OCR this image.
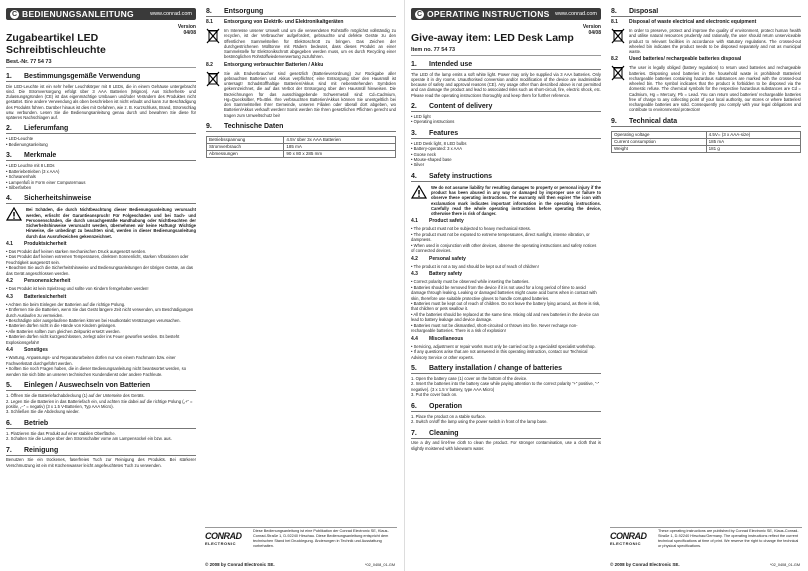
C BEDIENUNGSANLEITUNG	www.conrad.com
Zugabeartikel LED Schreibtischleuchte
Version
04/08
Best.-Nr. 77 54 73
1.	Bestimmungsgemäße Verwendung
Die LED-Leuchte ist ein sehr heller Leuchtkörper mit 8 LEDs, die in einem Gehäuse untergebracht sind. Die Stromversorgung erfolgt über 3 AAA Batterien (Mignon). Aus Sicherheits- und Zulassungsgründen (CE) ist das eigenmächtige Umbauen und/oder Verändern des Produktes nicht gestattet. Eine andere Verwendung als oben beschrieben ist nicht erlaubt und kann zur Beschädigung des Produkts führen. Darüber hinaus ist dies mit Gefahren, wie z. B. Kurzschluss, Brand, Stromschlag usw. verbunden. Lesen Sie die Bedienungsanleitung genau durch und bewahren Sie diese für späteres Nachschlagen auf.
2.	Lieferumfang
• LED-Leuchte
• Bedienungsanleitung
3.	Merkmale
• LED Leuchte mit 8 LEDs
• Batteriebetrieben (3 x AAA)
• Schwanenhals
• Lampenfuß in Form einer Computermaus
• Silberfarben
4.	Sicherheitshinweise
Bei Schäden, die durch Nichtbeachtung dieser Bedienungsanleitung verursacht werden, erlischt der Garantieanspruch! Für Folgeschäden und bei Sach- und Personenschäden, die durch unsachgemäße Handhabung oder Nichtbeachten der Sicherheitshinweise verursacht werden, übernehmen wir keine Haftung! Wichtige Hinweise, die unbedingt zu beachten sind, werden in dieser Bedienungsanleitung durch das Ausrufezeichen gekennzeichnet.
4.1	Produktsicherheit
• Das Produkt darf keinen starken mechanischen Druck ausgesetzt werden.
• Das Produkt darf keinen extremen Temperaturen, direktem Sonnenlicht, starken Vibrationen oder Feuchtigkeit ausgesetzt sein.
• Beachten Sie auch die Sicherheitshinweise und Bedienungsanleitungen der übrigen Geräte, an das das Gerät angeschlossen werden.
4.2	Personensicherheit
• Das Produkt ist kein Spielzeug und sollte von Kindern ferngehalten werden!
4.3	Batteriesicherheit
• Achten Sie beim Einlegen der Batterien auf die richtige Polung.
• Entfernen Sie die Batterien, wenn Sie das Gerät längere Zeit nicht verwenden, um Beschädigungen durch Auslaufen zu vermeiden.
• Beschädigte oder ausgelaufene Batterien können bei Hautkontakt Verätzungen verursachen.
• Batterien dürfen nicht in die Hände von Kindern gelangen.
• Alle Batterien sollten zum gleichen Zeitpunkt ersetzt werden.
• Batterien dürfen nicht kurzgeschlossen, zerlegt oder ins Feuer geworfen werden. Es besteht Explosionsgefahr!
4.4	Sonstiges
• Wartung, Anpassungs- und Reparaturarbeiten dürfen nur von einem Fachmann bzw. einer Fachwerkstatt durchgeführt werden.
• Sollten Sie noch Fragen haben, die in dieser Bedienungsanleitung nicht beantwortet werden, so wenden Sie sich bitte an unseren technischen Kundendienst oder andere Fachleute.
5.	Einlegen / Auswechseln von Batterien
1. Öffnen Sie die Batteriefachabdeckung (1) auf der Unterseite des Geräts.
2. Legen Sie die Batterien in das Batteriefach ein, und achten Sie dabei auf die richtige Polung („+“ = positiv, „−“ = negativ) (3 x 1.5 V-Batterien, Typ AAA Micro).
3. Schließen Sie die Abdeckung wieder.
6.	Betrieb
1. Platzieren Sie das Produkt auf einer stabilen Oberfläche.
2. Schalten Sie die Lampe über den Stromschalter vorne am Lampensockel ein bzw. aus.
7.	Reinigung
Benutzen Sie ein trockenes, faserfreies Tuch zur Reinigung des Produkts. Bei stärkerer Verschmutzung ist ein mit Küchenwasser leicht angefeuchtetes Tuch zu verwenden.
8.	Entsorgung
8.1	Entsorgung von Elektrik- und Elektronikaltgeräten
Im Interesse unserer Umwelt und um die verwendeten Rohstoffe möglichst vollständig zu recyclen, ist der Verbraucher aufgefordert, gebrauchte und defekte Geräte zu den öffentlichen Sammelstellen für Elektroschrott zu bringen. Das Zeichen der durchgestrichenen Mülltonne mit Rädern bedeutet, dass dieses Produkt an einer Sammelstelle für Elektronikschrott abgegeben werden muss, um es durch Recycling einer bestmöglichen Rohstoffwiederverwertung zuzuführen.
8.2	Entsorgung verbrauchter Batterien / Akku
Sie als Endverbraucher sind gesetzlich (Batterieverordnung) zur Rückgabe aller gebrauchten Batterien und Akkus verpflichtet; eine Entsorgung über den Hausmüll ist untersagt! Schadstoffhaltige Batterien/Akkus sind mit nebenstehenden Symbolen gekennzeichnet, die auf das Verbot der Entsorgung über den Hausmüll hinweisen. Die Bezeichnungen für das ausschlaggebende Schwermetall sind: Cd=Cadmium, Hg=Quecksilber, Pb=Blei. Ihre verbrauchten Batterien/Akkus können Sie unentgeltlich bei den Sammelstellen Ihrer Gemeinde, unseren Filialen oder überall dort abgeben, wo Batterien/Akkus verkauft werden! Somit werden Sie Ihren gesetzlichen Pflichten gerecht und tragen zum Umweltschutz bei!
9.	Technische Daten
Betriebsspannung	4.5V über 3x AAA Batterien
Stromverbrauch	185 mA
Abmessungen	90 x 80 x 285 mm
CONRAD
ELECTRONIC
Diese Bedienungsanleitung ist eine Publikation der Conrad Electronic SE, Klaus-Conrad-Straße 1, D-92240 Hirschau. Diese Bedienungsanleitung entspricht dem technischen Stand bei Drucklegung. Änderungen in Technik und Ausstattung vorbehalten.
© 2008 by Conrad Electronic SE.	*02_0408_01-GM
C OPERATING INSTRUCTIONS www.conrad.com
Give-away item: LED Desk Lamp
Version
04/08
Item no. 77 54 73
1.	Intended use
The LED of the lamp emits a soft white light. Power may only be supplied via 3 AAA batteries. Only operate it in dry rooms. Unauthorised conversion and/or modification of the device are inadmissible because of safety and approval reasons (CE). Any usage other than described above is not permitted and can damage the product and lead to associated risks such as short-circuit, fire, electric shock, etc. Please read the operating instructions thoroughly and keep them for further reference.
2.	Content of delivery
• LED light
• Operating instructions
3.	Features
• LED Desk light, 8 LED bulbs
• Battery-operated: 3 x AAA
• Goose neck
• Mouse-shaped base
• Silver
4.	Safety instructions
We do not assume liability for resulting damages to property or personal injury if the product has been abused in any way or damaged by improper use or failure to observe these operating instructions. The warranty will then expire! The icon with exclamation mark indicates important information in the operating instructions. Carefully read the whole operating instructions before operating the device, otherwise there is risk of danger.
4.1	Product safety
• The product must not be subjected to heavy mechanical stress.
• The product must not be exposed to extreme temperatures, direct sunlight, intense vibration, or dampness.
• When used in conjunction with other devices, observe the operating instructions and safety notices of connected devices.
4.2	Personal safety
• The product is not a toy and should be kept out of reach of children!
4.3	Battery safety
• Correct polarity must be observed while inserting the batteries.
• Batteries should be removed from the device if it is not used for a long period of time to avoid damage through leaking. Leaking or damaged batteries might cause acid burns when in contact with skin, therefore use suitable protective gloves to handle corrupted batteries.
• Batteries must be kept out of reach of children. Do not leave the battery lying around, as there is risk, that children or pets swallow it.
• All the batteries should be replaced at the same time. Mixing old and new batteries in the device can lead to battery leakage and device damage.
• Batteries must not be dismantled, short-circuited or thrown into fire. Never recharge non-rechargeable batteries. There is a risk of explosion!
4.4	Miscellaneous
• Servicing, adjustment or repair works must only be carried out by a specialist/ specialist workshop.
• If any questions arise that are not answered in this operating instruction, contact our Technical Advisory Service or other experts.
5.	Battery installation / change of batteries
1. Open the battery case (1) cover on the bottom of the device.
2. Insert the batteries into the battery case while paying attention to the correct polarity “+” positive, “-” negative). (3 x 1.5 V battery, type AAA Micro)
3. Put the cover back on.
6.	Operation
1. Place the product on a stable surface.
2. Switch on/off the lamp using the power switch in front of the lamp base.
7.	Cleaning
Use a dry and lint-free cloth to clean the product. For stronger contamination, use a cloth that is slightly moistened with lukewarm water.
8.	Disposal
8.1	Disposal of waste electrical and electronic equipment
In order to preserve, protect and improve the quality of environment, protect human health and utilise natural resources prudently and rationally, the user should return unserviceable product to relevant facilities in accordance with statutory regulations. The crossed-out wheeled bin indicates the product needs to be disposed separately and not as municipal waste.
8.2	Used batteries/ rechargeable batteries disposal
The user is legally obliged (battery regulation) to return used batteries and rechargeable batteries. Disposing used batteries in the household waste is prohibited! Batteries/ rechargeable batteries containing hazardous substances are marked with the crossed-out wheeled bin. The symbol indicates that the product is forbidden to be disposed via the domestic refuse. The chemical symbols for the respective hazardous substances are Cd = Cadmium, Hg = Mercury, Pb = Lead. You can return used batteries/ rechargeable batteries free of charge to any collecting point of your local authority, our stores or where batteries/ rechargeable batteries are sold. Consequently you comply with your legal obligations and contribute to environmental protection!
9.	Technical data
Operating voltage	4.5V= (3 x AAA-size)
Current consumption	185 mA
Weight	181 g
CONRAD
ELECTRONIC
These operating instructions are published by Conrad Electronic SE, Klaus-Conrad-Straße 1, D-92240 Hirschau/Germany. The operating instructions reflect the current technical specifications at time of print. We reserve the right to change the technical or physical specifications.
© 2008 by Conrad Electronic SE.	*02_0408_01-GM
